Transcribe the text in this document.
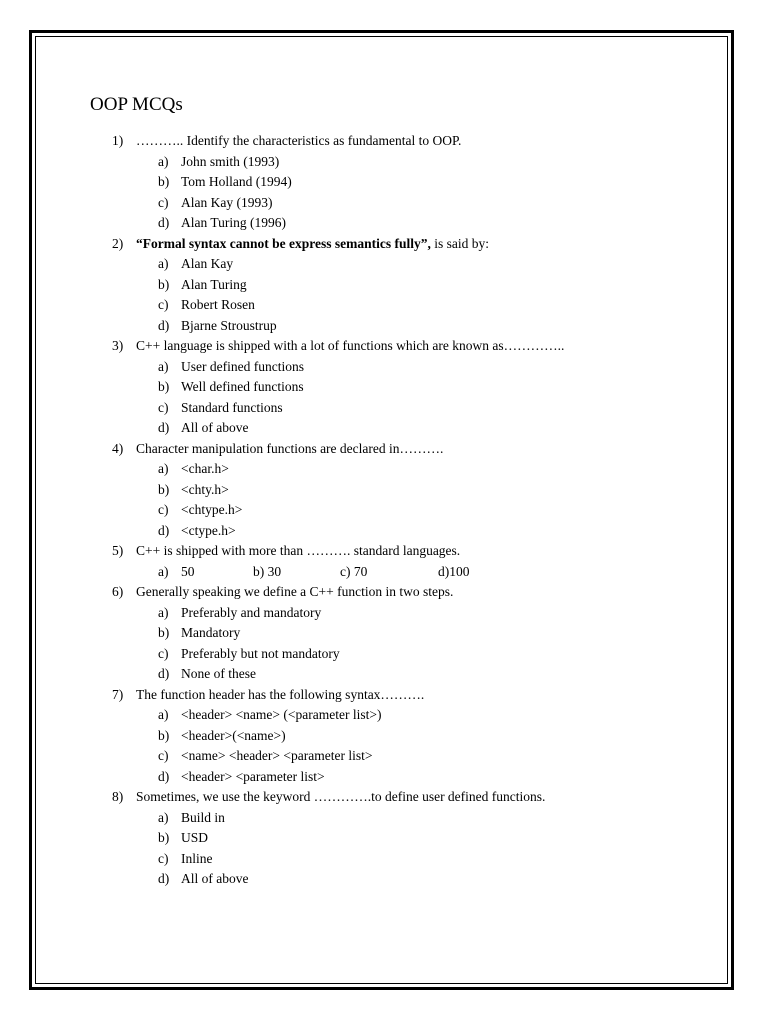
OOP MCQs
1) ……….. Identify the characteristics as fundamental to OOP.
a) John smith (1993)
b) Tom Holland (1994)
c) Alan Kay (1993)
d) Alan Turing (1996)
2) “Formal syntax cannot be express semantics fully”, is said by:
a) Alan Kay
b) Alan Turing
c) Robert Rosen
d) Bjarne Stroustrup
3) C++ language is shipped with a lot of functions which are known as…………..
a) User defined functions
b) Well defined functions
c) Standard functions
d) All of above
4) Character manipulation functions are declared in……….
a) <char.h>
b) <chty.h>
c) <chtype.h>
d) <ctype.h>
5) C++ is shipped with more than ………. standard languages.
a) 50	b) 30	c) 70	d)100
6) Generally speaking we define a C++ function in two steps.
a) Preferably and mandatory
b) Mandatory
c) Preferably but not mandatory
d) None of these
7) The function header has the following syntax……….
a) <header> <name> (<parameter list>)
b) <header>(<name>)
c) <name> <header> <parameter list>
d) <header> <parameter list>
8) Sometimes, we use the keyword ………….to define user defined functions.
a) Build in
b) USD
c) Inline
d) All of above
